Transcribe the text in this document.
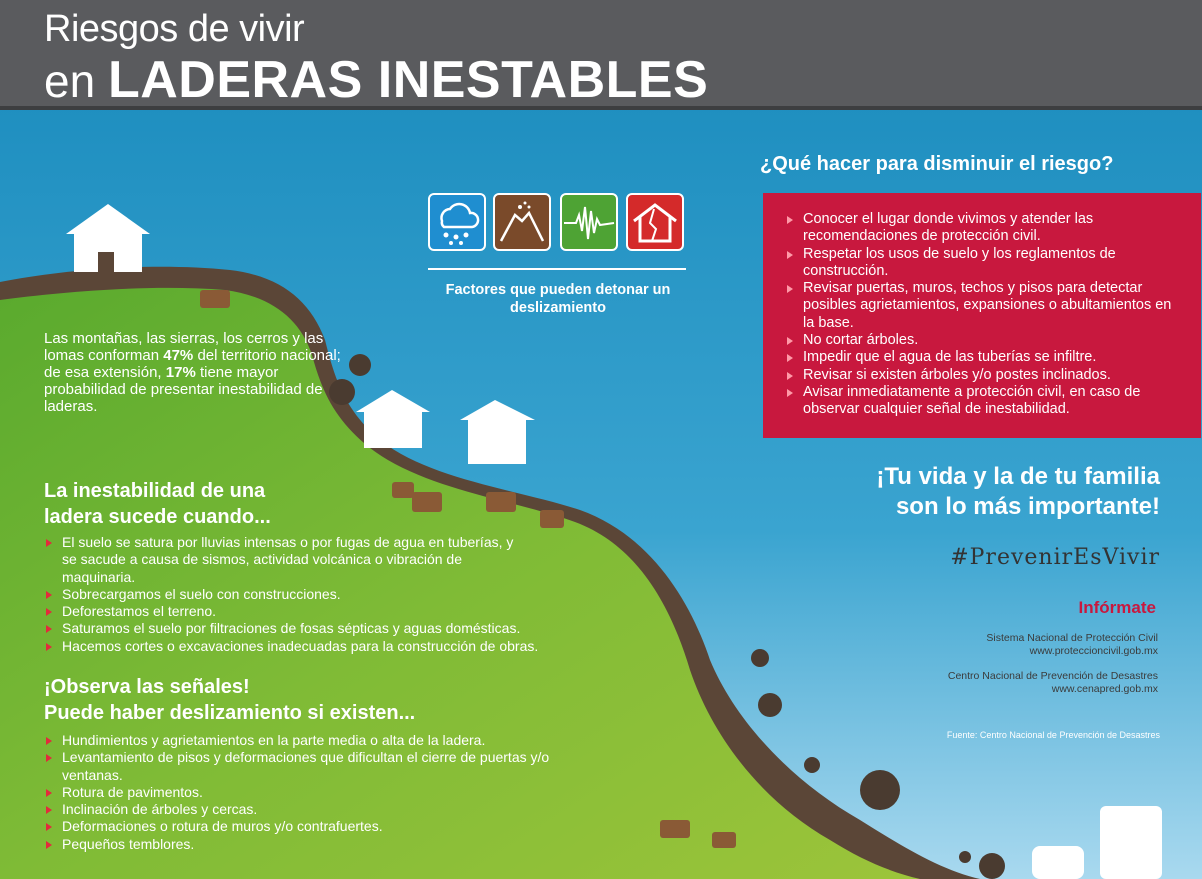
Riesgos de vivir
en LADERAS INESTABLES
Las montañas, las sierras, los cerros y las lomas conforman 47% del territorio nacional; de esa extensión, 17% tiene mayor probabilidad de presentar inestabilidad de laderas.
Factores que pueden detonar un deslizamiento
La inestabilidad de una ladera sucede cuando...
El suelo se satura por lluvias intensas o por fugas de agua en tuberías, y se sacude a causa de sismos, actividad volcánica o vibración de maquinaria.
Sobrecargamos el suelo con construcciones.
Deforestamos el terreno.
Saturamos el suelo por filtraciones de fosas sépticas y aguas domésticas.
Hacemos cortes o excavaciones inadecuadas para la construcción de obras.
¡Observa las señales!
Puede haber deslizamiento si existen...
Hundimientos y agrietamientos en la parte media o alta de la ladera.
Levantamiento de pisos y deformaciones que dificultan el cierre de puertas y/o ventanas.
Rotura de pavimentos.
Inclinación de árboles y cercas.
Deformaciones o rotura de muros y/o contrafuertes.
Pequeños temblores.
¿Qué hacer para disminuir el riesgo?
Conocer el lugar donde vivimos y atender las recomendaciones de protección civil.
Respetar los usos de suelo y los reglamentos de construcción.
Revisar puertas, muros, techos y pisos para detectar posibles agrietamientos, expansiones o abultamientos en la base.
No cortar árboles.
Impedir que el agua de las tuberías se infiltre.
Revisar si existen árboles y/o postes inclinados.
Avisar inmediatamente a protección civil, en caso de observar cualquier señal de inestabilidad.
¡Tu vida y la de tu familia
son lo más importante!
#PrevenirEsVivir
Infórmate
Sistema Nacional de Protección Civil
www.proteccioncivil.gob.mx
Centro Nacional de Prevención de Desastres
www.cenapred.gob.mx
Fuente: Centro Nacional de Prevención de Desastres
